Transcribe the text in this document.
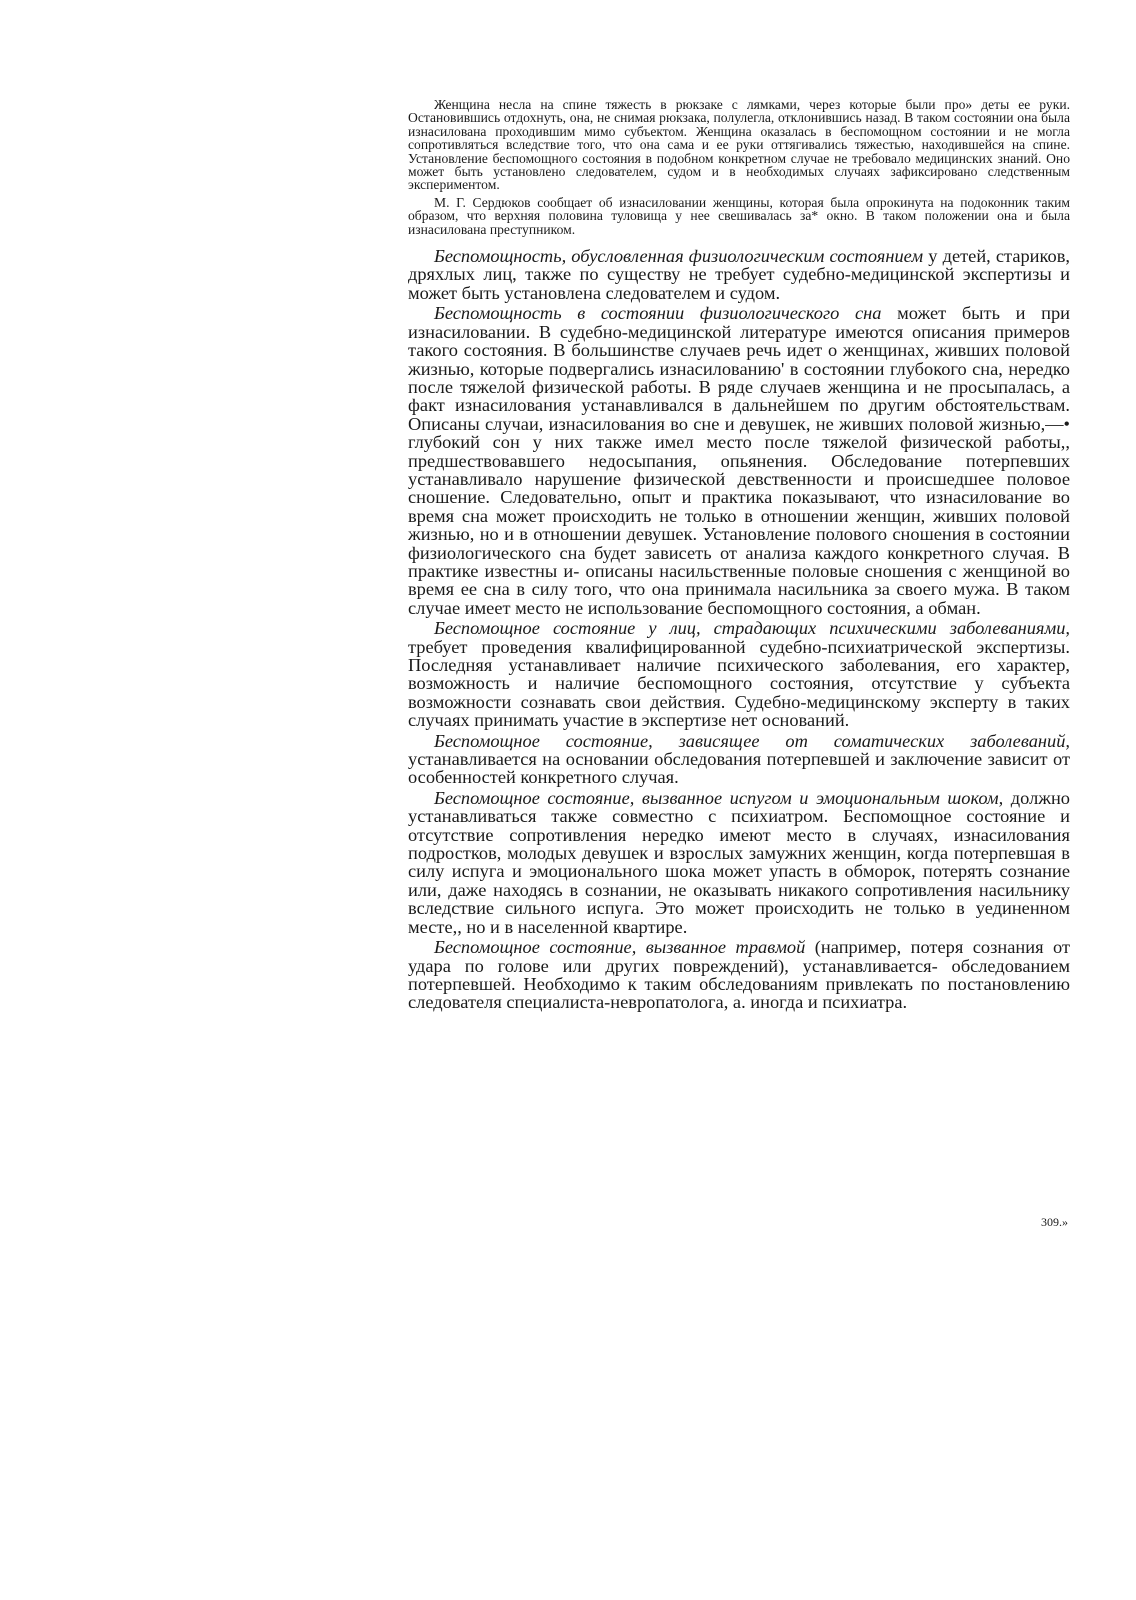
Женщина несла на спине тяжесть в рюкзаке с лямками, через которые были про» деты ее руки. Остановившись отдохнуть, она, не снимая рюкзака, полулегла, отклонившись назад. В таком состоянии она была изнасилована проходившим мимо субъектом. Женщина оказалась в беспомощном состоянии и не могла сопротивляться вследствие того, что она сама и ее руки оттягивались тяжестью, находившейся на спине. Установление беспомощного состояния в подобном конкретном случае не требовало медицинских знаний. Оно может быть установлено следователем, судом и в необходимых случаях зафиксировано следственным экспериментом.

М. Г. Сердюков сообщает об изнасиловании женщины, которая была опрокинута на подоконник таким образом, что верхняя половина туловища у нее свешивалась за* окно. В таком положении она и была изнасилована преступником.

Беспомощность, обусловленная физиологическим состоянием у детей, стариков, дряхлых лиц, также по существу не требует судебно-медицинской экспертизы и может быть установлена следователем и судом.

Беспомощность в состоянии физиологического сна может быть и при изнасиловании. В судебно-медицинской литературе имеются описания примеров такого состояния. В большинстве случаев речь идет о женщинах, живших половой жизнью, которые подвергались изнасилованию' в состоянии глубокого сна, нередко после тяжелой физической работы. В ряде случаев женщина и не просыпалась, а факт изнасилования устанавливался в дальнейшем по другим обстоятельствам. Описаны случаи, изнасилования во сне и девушек, не живших половой жизнью,—• глубокий сон у них также имел место после тяжелой физической работы,, предшествовавшего недосыпания, опьянения. Обследование потерпевших устанавливало нарушение физической девственности и происшедшее половое сношение. Следовательно, опыт и практика показывают, что изнасилование во время сна может происходить не только в отношении женщин, живших половой жизнью, но и в отношении девушек. Установление полового сношения в состоянии физиологического сна будет зависеть от анализа каждого конкретного случая. В практике известны и- описаны насильственные половые сношения с женщиной во время ее сна в силу того, что она принимала насильника за своего мужа. В таком случае имеет место не использование беспомощного состояния, а обман.

Беспомощное состояние у лиц, страдающих психическими заболеваниями, требует проведения квалифицированной судебно-психиатрической экспертизы. Последняя устанавливает наличие психического заболевания, его характер, возможность и наличие беспомощного состояния, отсутствие у субъекта возможности сознавать свои действия. Судебно-медицинскому эксперту в таких случаях принимать участие в экспертизе нет оснований.

Беспомощное состояние, зависящее от соматических заболеваний, устанавливается на основании обследования потерпевшей и заключение зависит от особенностей конкретного случая.

Беспомощное состояние, вызванное испугом и эмоциональным шоком, должно устанавливаться также совместно с психиатром. Беспомощное состояние и отсутствие сопротивления нередко имеют место в случаях, изнасилования подростков, молодых девушек и взрослых замужних женщин, когда потерпевшая в силу испуга и эмоционального шока может упасть в обморок, потерять сознание или, даже находясь в сознании, не оказывать никакого сопротивления насильнику вследствие сильного испуга. Это может происходить не только в уединенном месте,, но и в населенной квартире.

Беспомощное состояние, вызванное травмой (например, потеря сознания от удара по голове или других повреждений), устанавливается- обследованием потерпевшей. Необходимо к таким обследованиям привлекать по постановлению следователя специалиста-невропатолога, а. иногда и психиатра.

309.»
